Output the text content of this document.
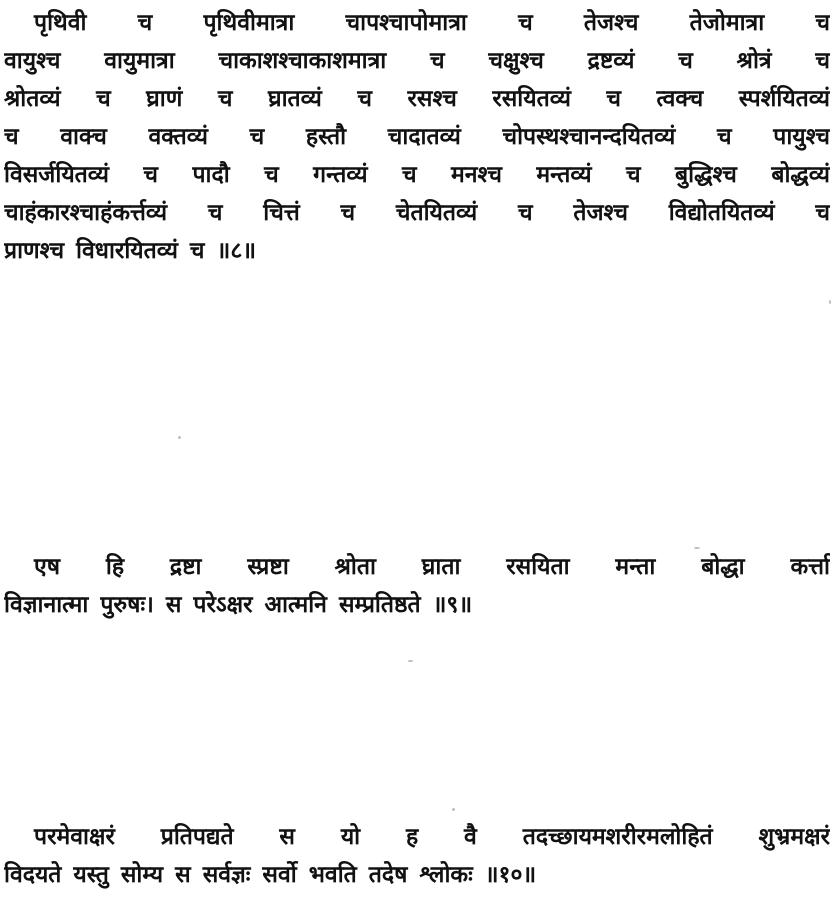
पृथिवी च पृथिवीमात्रा चापश्चापोमात्रा च तेजश्च तेजोमात्रा च
वायुश्च वायुमात्रा चाकाशश्चाकाशमात्रा च चक्षुश्च द्रष्टव्यं च श्रोत्रं च
श्रोतव्यं च घ्राणं च घ्रातव्यं च रसश्च रसयितव्यं च त्वक्च स्पर्शयितव्यं
च वाक्च वक्तव्यं च हस्तौ चादातव्यं चोपस्थश्चानन्दयितव्यं च पायुश्च
विसर्जयितव्यं च पादौ च गन्तव्यं च मनश्च मन्तव्यं च बुद्धिश्च बोद्धव्यं
चाहंकारश्चाहंकर्त्तव्यं च चित्तं च चेतयितव्यं च तेजश्च विद्योतयितव्यं च
प्राणश्च विधारयितव्यं च ॥८॥
एष हि द्रष्टा स्प्रष्टा श्रोता घ्राता रसयिता मन्ता बोद्धा कर्त्ता
विज्ञानात्मा पुरुषः। स परेऽक्षर आत्मनि सम्प्रतिष्ठते ॥९॥
परमेवाक्षरं प्रतिपद्यते स यो ह वै तदच्छायमशरीरमलोहितं शुभ्रमक्षरं
विदयते यस्तु सोम्य स सर्वज्ञः सर्वो भवति तदेष श्लोकः ॥१०॥
